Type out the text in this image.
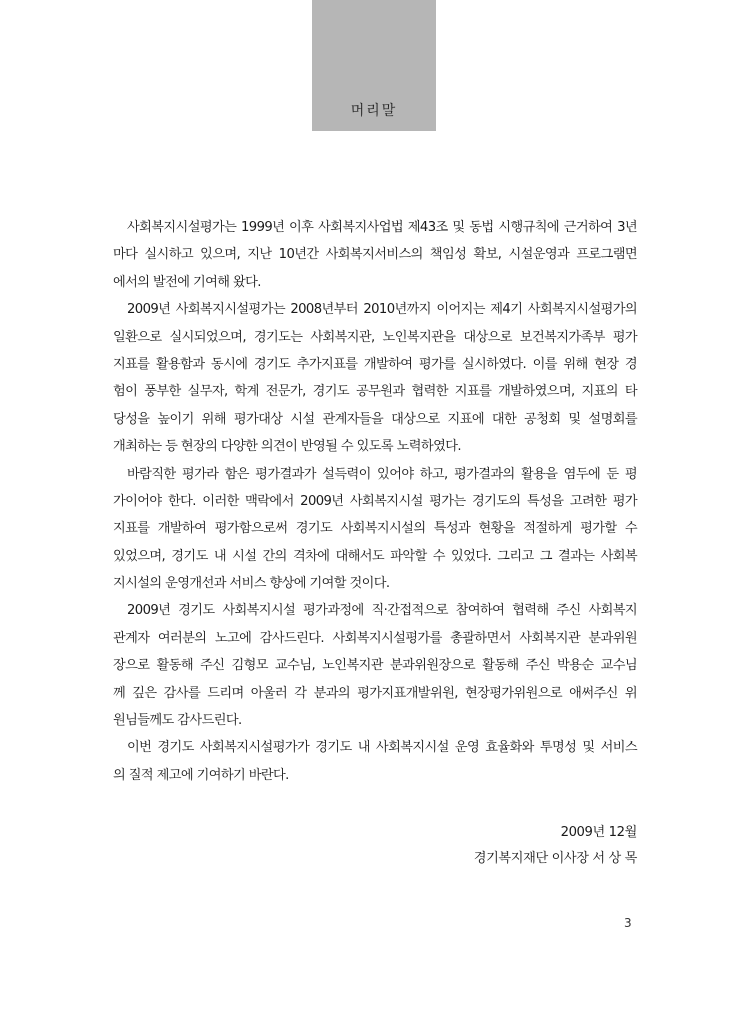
머리말
사회복지시설평가는 1999년 이후 사회복지사업법 제43조 및 동법 시행규칙에 근거하여 3년
마다 실시하고 있으며, 지난 10년간 사회복지서비스의 책임성 확보, 시설운영과 프로그램면
에서의 발전에 기여해 왔다.
2009년 사회복지시설평가는 2008년부터 2010년까지 이어지는 제4기 사회복지시설평가의
일환으로 실시되었으며, 경기도는 사회복지관, 노인복지관을 대상으로 보건복지가족부 평가
지표를 활용함과 동시에 경기도 추가지표를 개발하여 평가를 실시하였다. 이를 위해 현장 경
험이 풍부한 실무자, 학계 전문가, 경기도 공무원과 협력한 지표를 개발하였으며, 지표의 타
당성을 높이기 위해 평가대상 시설 관계자들을 대상으로 지표에 대한 공청회 및 설명회를
개최하는 등 현장의 다양한 의견이 반영될 수 있도록 노력하였다.
바람직한 평가라 함은 평가결과가 설득력이 있어야 하고, 평가결과의 활용을 염두에 둔 평
가이어야 한다. 이러한 맥락에서 2009년 사회복지시설 평가는 경기도의 특성을 고려한 평가
지표를 개발하여 평가함으로써 경기도 사회복지시설의 특성과 현황을 적절하게 평가할 수
있었으며, 경기도 내 시설 간의 격차에 대해서도 파악할 수 있었다. 그리고 그 결과는 사회복
지시설의 운영개선과 서비스 향상에 기여할 것이다.
2009년 경기도 사회복지시설 평가과정에 직·간접적으로 참여하여 협력해 주신 사회복지
관계자 여러분의 노고에 감사드린다. 사회복지시설평가를 총괄하면서 사회복지관 분과위원
장으로 활동해 주신 김형모 교수님, 노인복지관 분과위원장으로 활동해 주신 박용순 교수님
께 깊은 감사를 드리며 아울러 각 분과의 평가지표개발위원, 현장평가위원으로 애써주신 위
원님들께도 감사드린다.
이번 경기도 사회복지시설평가가 경기도 내 사회복지시설 운영 효율화와 투명성 및 서비스
의 질적 제고에 기여하기 바란다.
2009년 12월
경기복지재단 이사장 서 상 목
3
